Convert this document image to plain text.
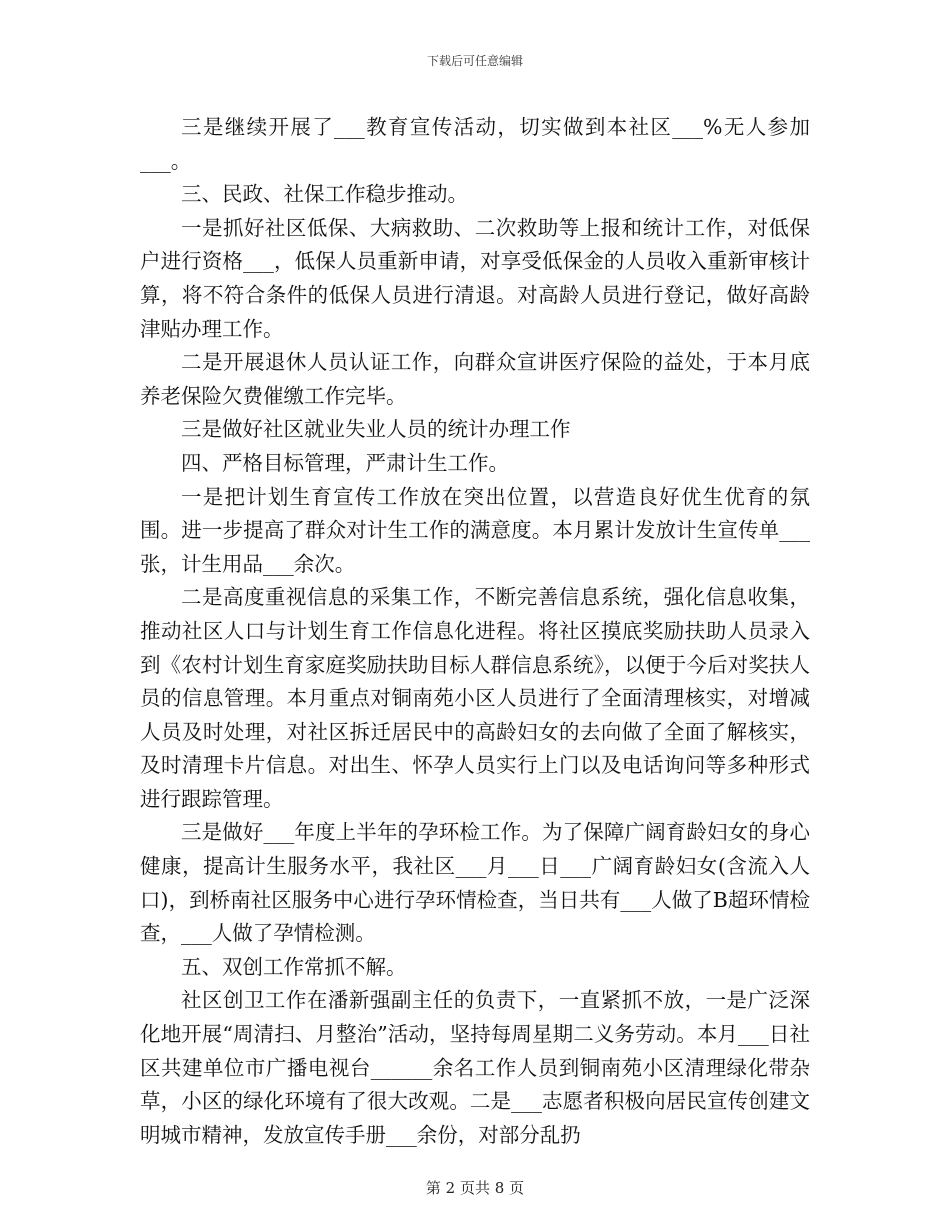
下载后可任意编辑

三是继续开展了___教育宣传活动，切实做到本社区___%无人参加___。

三、民政、社保工作稳步推动。

一是抓好社区低保、大病救助、二次救助等上报和统计工作，对低保户进行资格___，低保人员重新申请，对享受低保金的人员收入重新审核计算，将不符合条件的低保人员进行清退。对高龄人员进行登记，做好高龄津贴办理工作。

二是开展退休人员认证工作，向群众宣讲医疗保险的益处，于本月底养老保险欠费催缴工作完毕。

三是做好社区就业失业人员的统计办理工作

四、严格目标管理，严肃计生工作。

一是把计划生育宣传工作放在突出位置，以营造良好优生优育的氛围。进一步提高了群众对计生工作的满意度。本月累计发放计生宣传单___张，计生用品___余次。

二是高度重视信息的采集工作，不断完善信息系统，强化信息收集，推动社区人口与计划生育工作信息化进程。将社区摸底奖励扶助人员录入到《农村计划生育家庭奖励扶助目标人群信息系统》，以便于今后对奖扶人员的信息管理。本月重点对铜南苑小区人员进行了全面清理核实，对增减人员及时处理，对社区拆迁居民中的高龄妇女的去向做了全面了解核实，及时清理卡片信息。对出生、怀孕人员实行上门以及电话询问等多种形式进行跟踪管理。

三是做好___年度上半年的孕环检工作。为了保障广阔育龄妇女的身心健康，提高计生服务水平，我社区___月___日___广阔育龄妇女(含流入人口)，到桥南社区服务中心进行孕环情检查，当日共有___人做了B超环情检查，___人做了孕情检测。

五、双创工作常抓不解。

社区创卫工作在潘新强副主任的负责下，一直紧抓不放，一是广泛深化地开展“周清扫、月整治”活动，坚持每周星期二义务劳动。本月___日社区共建单位市广播电视台______余名工作人员到铜南苑小区清理绿化带杂草，小区的绿化环境有了很大改观。二是___志愿者积极向居民宣传创建文明城市精神，发放宣传手册___余份，对部分乱扔

第 2 页共 8 页
